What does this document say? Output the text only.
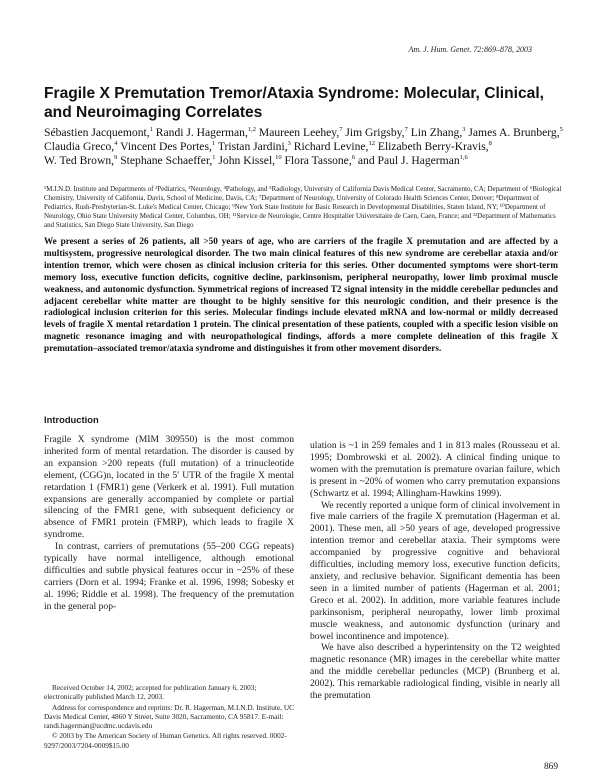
Am. J. Hum. Genet. 72:869–878, 2003
Fragile X Premutation Tremor/Ataxia Syndrome: Molecular, Clinical, and Neuroimaging Correlates
Sébastien Jacquemont,$^1$ Randi J. Hagerman,$^{1,2}$ Maureen Leehey,$^7$ Jim Grigsby,$^7$ Lin Zhang,$^3$ James A. Brunberg,$^5$ Claudia Greco,$^4$ Vincent Des Portes,$^1$ Tristan Jardini,$^3$ Richard Levine,$^{12}$ Elizabeth Berry-Kravis,$^8$ W. Ted Brown,$^9$ Stephane Schaeffer,$^1$ John Kissel,$^{10}$ Flora Tassone,$^6$ and Paul J. Hagerman$^{1,6}$
¹M.I.N.D. Institute and Departments of ²Pediatrics, ³Neurology, ⁴Pathology, and ⁵Radiology, University of California Davis Medical Center, Sacramento, CA; Department of ⁶Biological Chemistry, University of California, Davis, School of Medicine, Davis, CA; ⁷Department of Neurology, University of Colorado Health Sciences Center, Denver; ⁸Department of Pediatrics, Rush-Presbyterian-St. Luke's Medical Center, Chicago; ⁹New York State Institute for Basic Research in Developmental Disabilities, Staten Island, NY; ¹⁰Department of Neurology, Ohio State University Medical Center, Columbus, OH; ¹¹Service de Neurologie, Centre Hospitalier Universitaire de Caen, Caen, France; and ¹²Department of Mathematics and Statistics, San Diego State University, San Diego
We present a series of 26 patients, all >50 years of age, who are carriers of the fragile X premutation and are affected by a multisystem, progressive neurological disorder. The two main clinical features of this new syndrome are cerebellar ataxia and/or intention tremor, which were chosen as clinical inclusion criteria for this series. Other documented symptoms were short-term memory loss, executive function deficits, cognitive decline, parkinsonism, peripheral neuropathy, lower limb proximal muscle weakness, and autonomic dysfunction. Symmetrical regions of increased T2 signal intensity in the middle cerebellar peduncles and adjacent cerebellar white matter are thought to be highly sensitive for this neurologic condition, and their presence is the radiological inclusion criterion for this series. Molecular findings include elevated mRNA and low-normal or mildly decreased levels of fragile X mental retardation 1 protein. The clinical presentation of these patients, coupled with a specific lesion visible on magnetic resonance imaging and with neuropathological findings, affords a more complete delineation of this fragile X premutation–associated tremor/ataxia syndrome and distinguishes it from other movement disorders.
Introduction

Fragile X syndrome (MIM 309550) is the most common inherited form of mental retardation. The disorder is caused by an expansion >200 repeats (full mutation) of a trinucleotide element, (CGG)n, located in the 5′ UTR of the fragile X mental retardation 1 (FMR1) gene (Verkerk et al. 1991). Full mutation expansions are generally accompanied by complete or partial silencing of the FMR1 gene, with subsequent deficiency or absence of FMR1 protein (FMRP), which leads to fragile X syndrome.

In contrast, carriers of premutations (55–200 CGG repeats) typically have normal intelligence, although emotional difficulties and subtle physical features occur in ~25% of these carriers (Dorn et al. 1994; Franke et al. 1996, 1998; Sobesky et al. 1996; Riddle et al. 1998). The frequency of the premutation in the general pop-

ulation is ~1 in 259 females and 1 in 813 males (Rousseau et al. 1995; Dombrowski et al. 2002). A clinical finding unique to women with the premutation is premature ovarian failure, which is present in ~20% of women who carry premutation expansions (Schwartz et al. 1994; Allingham-Hawkins 1999).

We recently reported a unique form of clinical involvement in five male carriers of the fragile X premutation (Hagerman et al. 2001). These men, all >50 years of age, developed progressive intention tremor and cerebellar ataxia. Their symptoms were accompanied by progressive cognitive and behavioral difficulties, including memory loss, executive function deficits, anxiety, and reclusive behavior. Significant dementia has been seen in a limited number of patients (Hagerman et al. 2001; Greco et al. 2002). In addition, more variable features include parkinsonism, peripheral neuropathy, lower limb proximal muscle weakness, and autonomic dysfunction (urinary and bowel incontinence and impotence).

We have also described a hyperintensity on the T2 weighted magnetic resonance (MR) images in the cerebellar white matter and the middle cerebellar peduncles (MCP) (Brunberg et al. 2002). This remarkable radiological finding, visible in nearly all the premutation

Received October 14, 2002; accepted for publication January 6, 2003; electronically published March 12, 2003.

Address for correspondence and reprints: Dr. R. Hagerman, M.I.N.D. Institute, UC Davis Medical Center, 4860 Y Street, Suite 3020, Sacramento, CA 95817. E-mail: randi.hagerman@ucdmc.ucdavis.edu

© 2003 by The American Society of Human Genetics. All rights reserved. 0002-9297/2003/7204-0009$15.00

869
